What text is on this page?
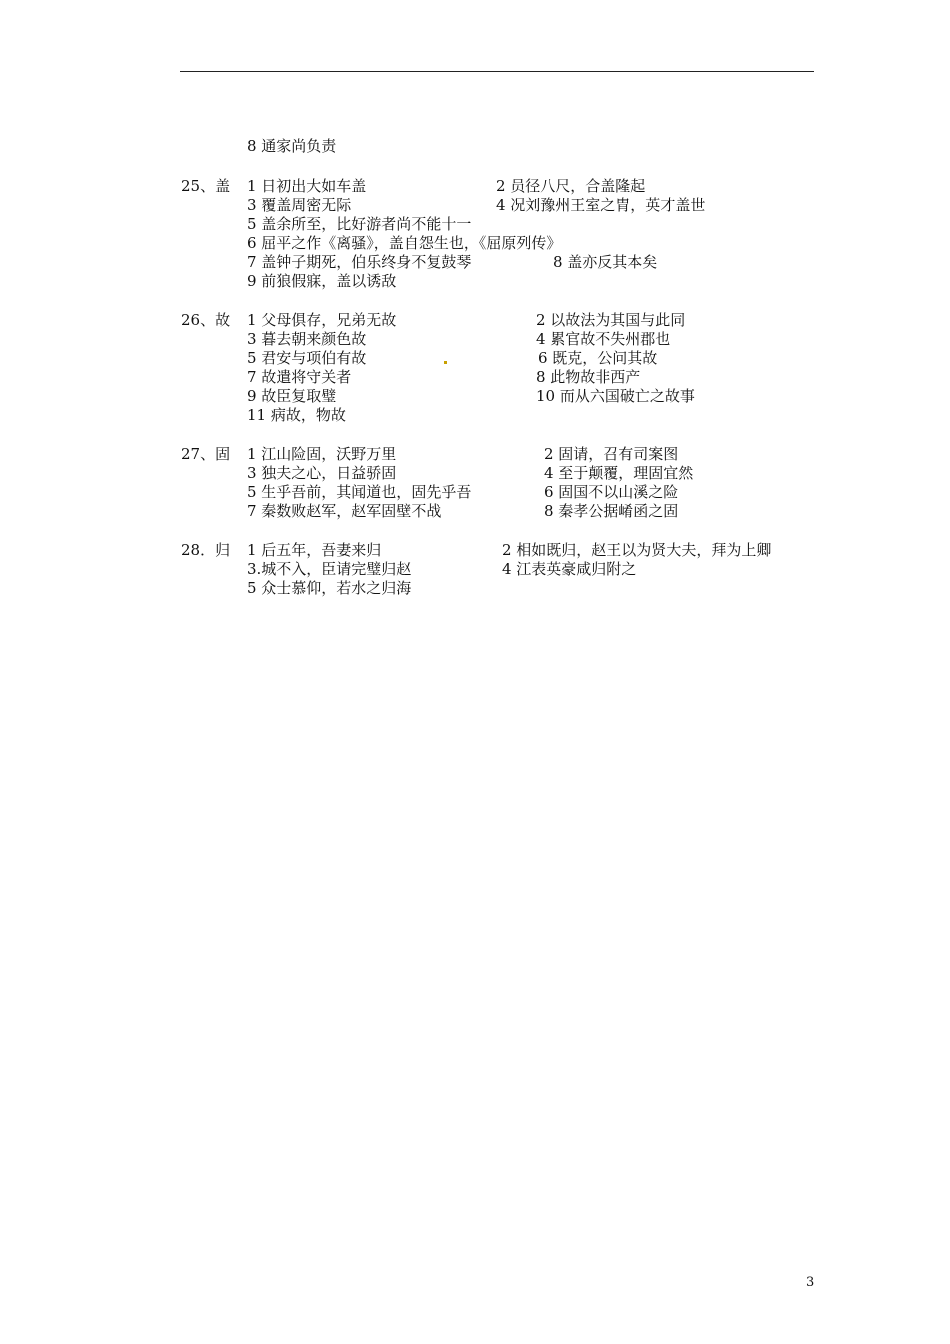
8 通家尚负责
25、盖 1 日初出大如车盖	2 员径八尺，合盖隆起
3 覆盖周密无际	4 况刘豫州王室之胄，英才盖世
5 盖余所至，比好游者尚不能十一
6 屈平之作《离骚》，盖自怨生也，《屈原列传》
7 盖钟子期死，伯乐终身不复鼓琴	8 盖亦反其本矣
9 前狼假寐，盖以诱敌
26、故 1 父母俱存，兄弟无故	2 以故法为其国与此同
3 暮去朝来颜色故	4 累官故不失州郡也
5 君安与项伯有故	6 既克，公问其故
7 故遣将守关者	8 此物故非西产
9 故臣复取璧	10 而从六国破亡之故事
11 病故，物故
27、固 1 江山险固，沃野万里	2 固请，召有司案图
3 独夫之心，日益骄固	4 至于颠覆，理固宜然
5 生乎吾前，其闻道也，固先乎吾	6 固国不以山溪之险
7 秦数败赵军，赵军固壁不战	8 秦孝公据崤函之固
28．归 1 后五年，吾妻来归	2 相如既归，赵王以为贤大夫，拜为上卿
3.城不入，臣请完璧归赵	4 江表英豪咸归附之
5 众士慕仰，若水之归海
3
